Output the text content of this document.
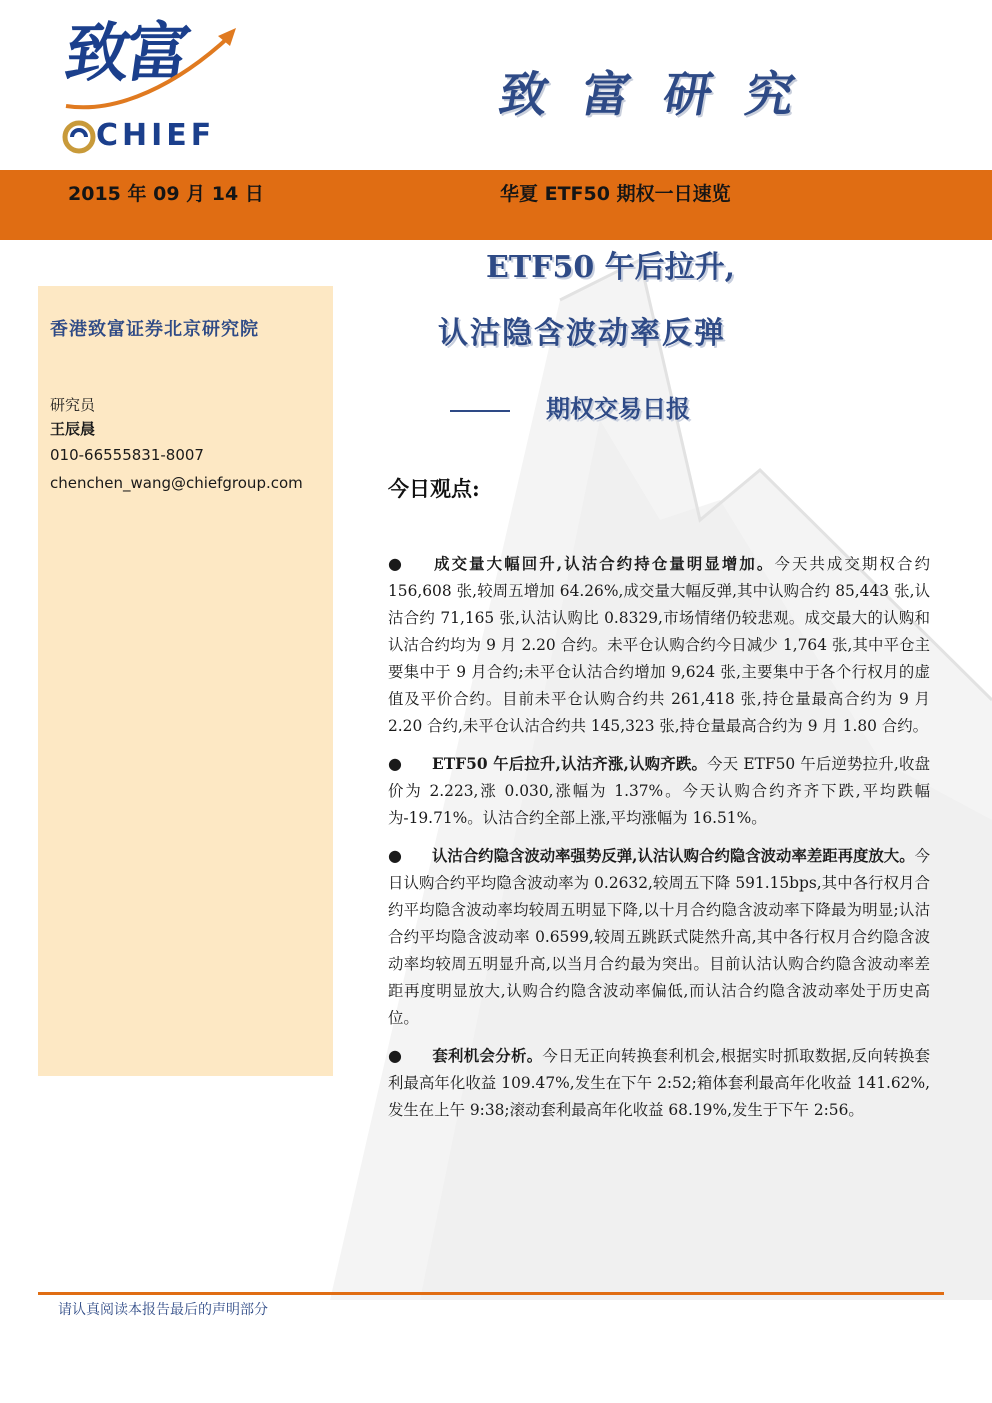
致富
CHIEF
致富研究
2015 年 09 月 14 日	华夏 ETF50 期权一日速览
香港致富证券北京研究院
研究员
王辰晨
010-66555831-8007
chenchen_wang@chiefgroup.com
ETF50 午后拉升,
认沽隐含波动率反弹
期权交易日报
今日观点:

● 成交量大幅回升,认沽合约持仓量明显增加。今天共成交期权合约 156,608 张,较周五增加 64.26%,成交量大幅反弹,其中认购合约 85,443 张,认沽合约 71,165 张,认沽认购比 0.8329,市场情绪仍较悲观。成交最大的认购和认沽合约均为 9 月 2.20 合约。未平仓认购合约今日减少 1,764 张,其中平仓主要集中于 9 月合约;未平仓认沽合约增加 9,624 张,主要集中于各个行权月的虚值及平价合约。目前未平仓认购合约共 261,418 张,持仓量最高合约为 9 月 2.20 合约,未平仓认沽合约共 145,323 张,持仓量最高合约为 9 月 1.80 合约。

● ETF50 午后拉升,认沽齐涨,认购齐跌。今天 ETF50 午后逆势拉升,收盘价为 2.223,涨 0.030,涨幅为 1.37%。今天认购合约齐齐下跌,平均跌幅为-19.71%。认沽合约全部上涨,平均涨幅为 16.51%。

● 认沽合约隐含波动率强势反弹,认沽认购合约隐含波动率差距再度放大。今日认购合约平均隐含波动率为 0.2632,较周五下降 591.15bps,其中各行权月合约平均隐含波动率均较周五明显下降,以十月合约隐含波动率下降最为明显;认沽合约平均隐含波动率 0.6599,较周五跳跃式陡然升高,其中各行权月合约隐含波动率均较周五明显升高,以当月合约最为突出。目前认沽认购合约隐含波动率差距再度明显放大,认购合约隐含波动率偏低,而认沽合约隐含波动率处于历史高位。

● 套利机会分析。今日无正向转换套利机会,根据实时抓取数据,反向转换套利最高年化收益 109.47%,发生在下午 2:52;箱体套利最高年化收益 141.62%,发生在上午 9:38;滚动套利最高年化收益 68.19%,发生于下午 2:56。

请认真阅读本报告最后的声明部分
